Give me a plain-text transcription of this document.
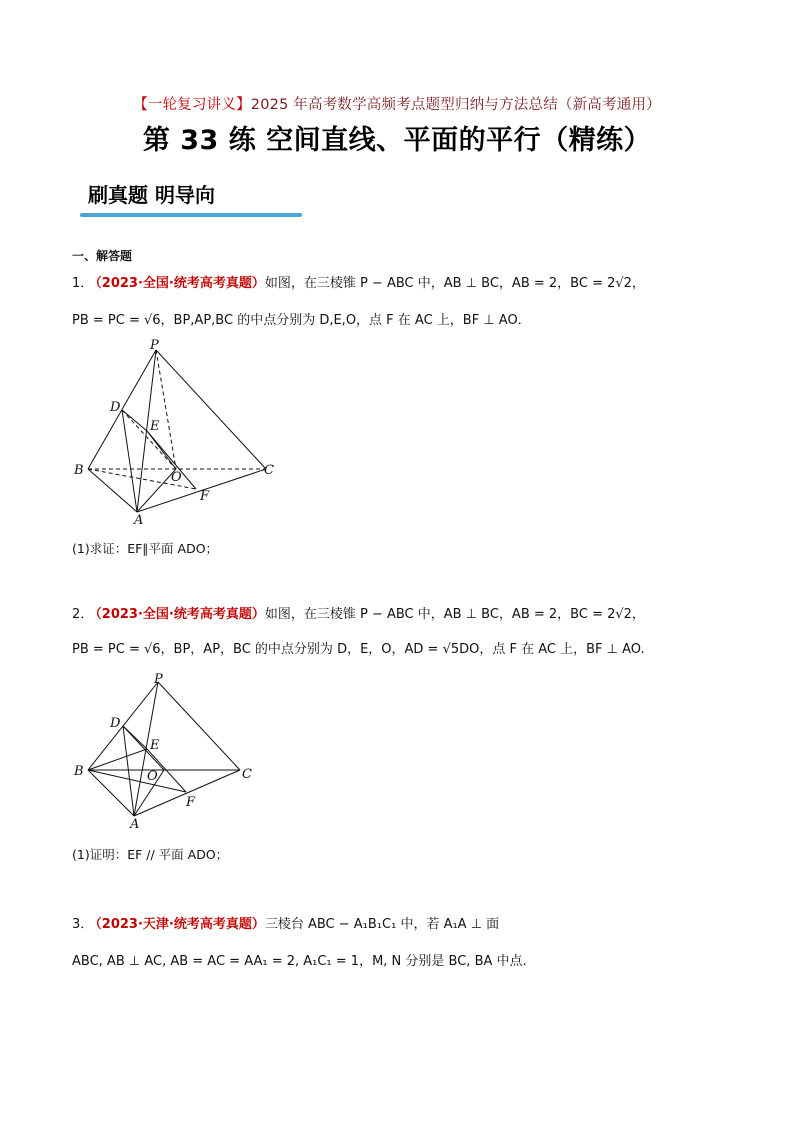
【一轮复习讲义】2025 年高考数学高频考点题型归纳与方法总结（新高考通用）
第 33 练 空间直线、平面的平行（精练）
刷真题 明导向
一、解答题
1． （2023·全国·统考高考真题）如图，在三棱锥 P − ABC 中，AB ⊥ BC，AB = 2，BC = 2√2，
PB = PC = √6，BP,AP,BC 的中点分别为 D,E,O，点 F 在 AC 上，BF ⊥ AO．
P
D
E
B	O	C
F
A
(1)求证：EF∥平面 ADO；
2． （2023·全国·统考高考真题）如图，在三棱锥 P − ABC 中，AB ⊥ BC，AB = 2，BC = 2√2，
PB = PC = √6，BP，AP，BC 的中点分别为 D，E，O，AD = √5DO，点 F 在 AC 上，BF ⊥ AO.
P
D
E
B	O	C
F
A
(1)证明：EF // 平面 ADO；
3． （2023·天津·统考高考真题）三棱台 ABC − A₁B₁C₁ 中，若 A₁A ⊥ 面
ABC, AB ⊥ AC, AB = AC = AA₁ = 2, A₁C₁ = 1，M, N 分别是 BC, BA 中点.
